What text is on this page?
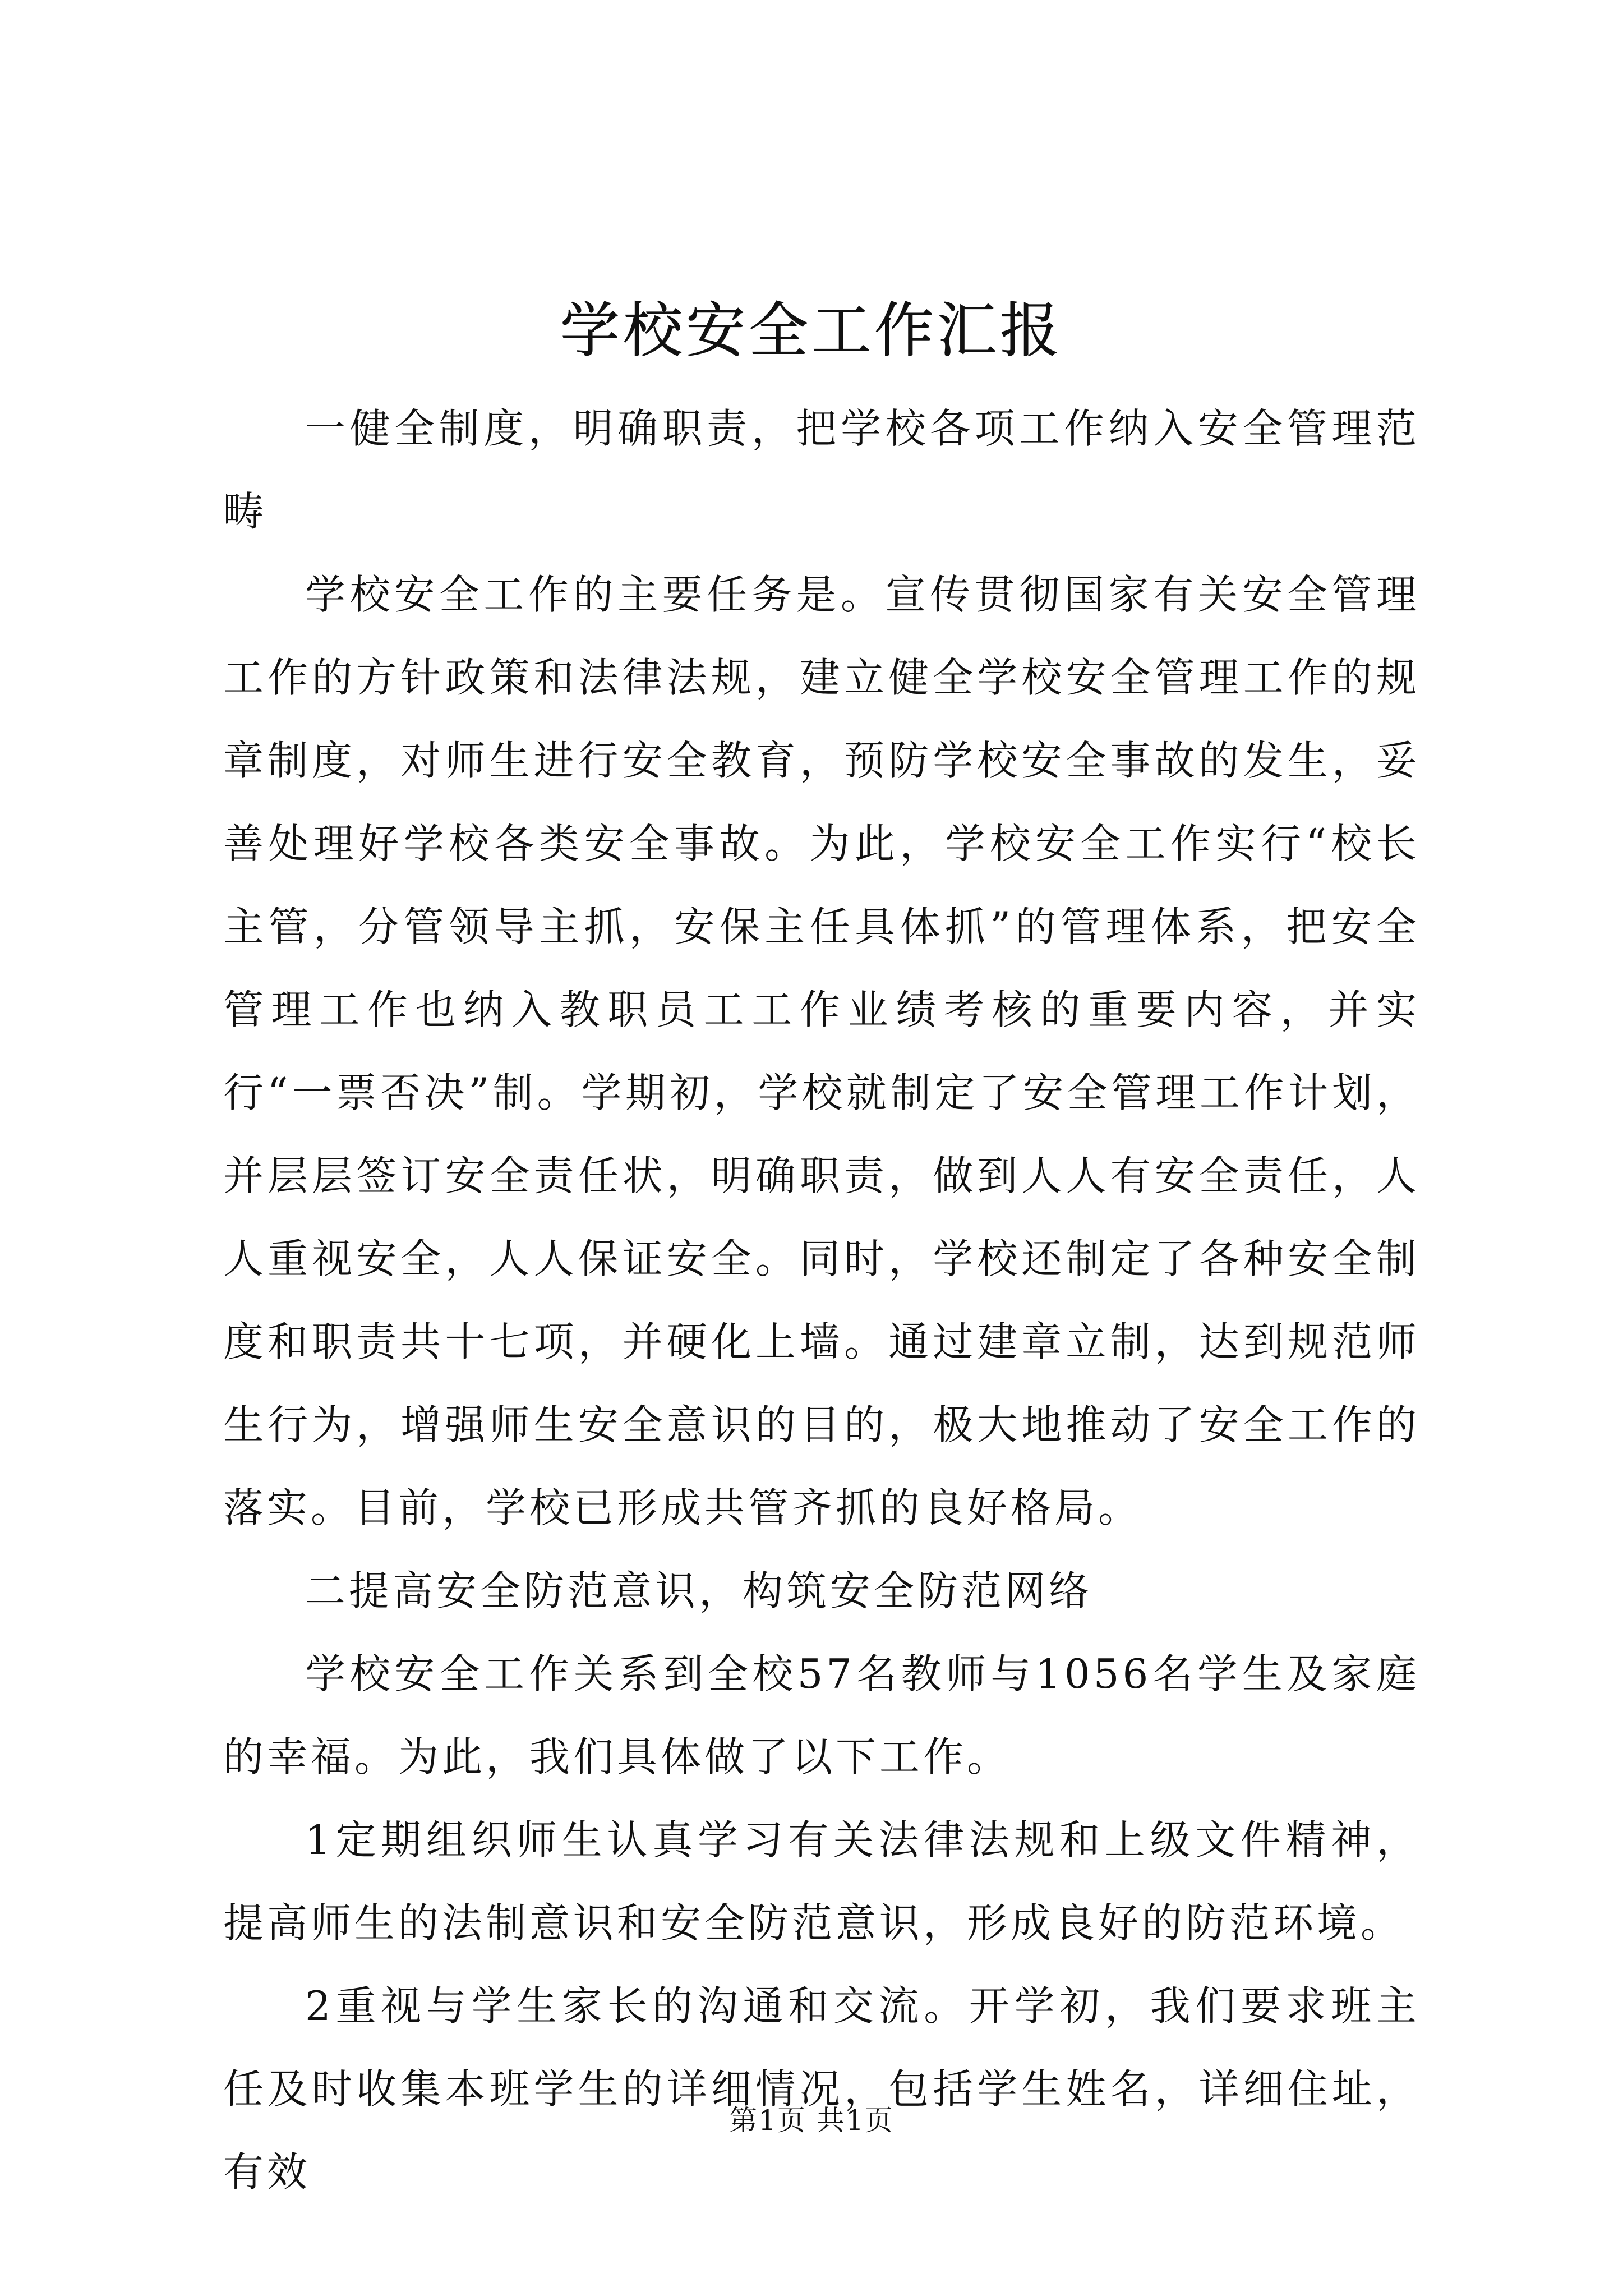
学校安全工作汇报

一健全制度，明确职责，把学校各项工作纳入安全管理范畴

学校安全工作的主要任务是。宣传贯彻国家有关安全管理工作的方针政策和法律法规，建立健全学校安全管理工作的规章制度，对师生进行安全教育，预防学校安全事故的发生，妥善处理好学校各类安全事故。为此，学校安全工作实行“校长主管，分管领导主抓，安保主任具体抓”的管理体系，把安全管理工作也纳入教职员工工作业绩考核的重要内容，并实行“一票否决”制。学期初，学校就制定了安全管理工作计划，并层层签订安全责任状，明确职责，做到人人有安全责任，人人重视安全，人人保证安全。同时，学校还制定了各种安全制度和职责共十七项，并硬化上墙。通过建章立制，达到规范师生行为，增强师生安全意识的目的，极大地推动了安全工作的落实。目前，学校已形成共管齐抓的良好格局。

二提高安全防范意识，构筑安全防范网络

学校安全工作关系到全校57名教师与1056名学生及家庭的幸福。为此，我们具体做了以下工作。

1定期组织师生认真学习有关法律法规和上级文件精神，提高师生的法制意识和安全防范意识，形成良好的防范环境。

2重视与学生家长的沟通和交流。开学初，我们要求班主任及时收集本班学生的详细情况，包括学生姓名，详细住址，有效

第1页 共1页
